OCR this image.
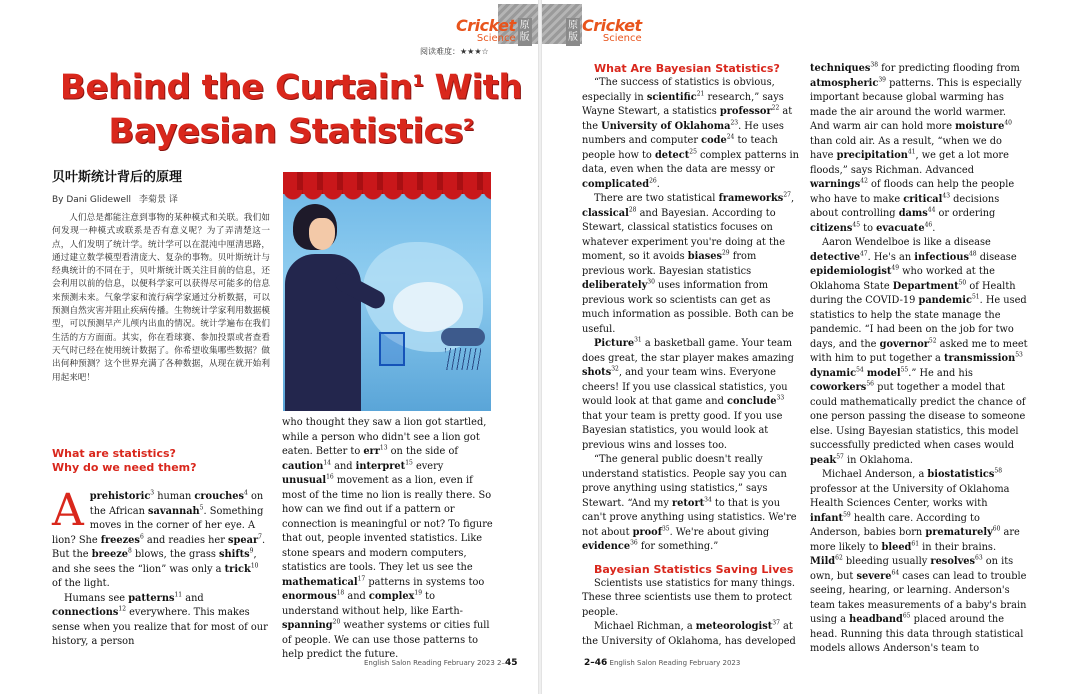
Cricket
Science
原版
阅读难度：★★★☆
Behind the Curtain$^1$ With
Bayesian Statistics$^2$
贝叶斯统计背后的原理
By Dani Glidewell 李菊景 译
人们总是都能注意到事物的某种模式和关联。我们如何发现一种模式或联系是否有意义呢？为了弄清楚这一点，人们发明了统计学。统计学可以在混沌中厘清思路，通过建立数学模型看清庞大、复杂的事物。贝叶斯统计与经典统计的不同在于，贝叶斯统计既关注目前的信息，还会利用以前的信息，以便科学家可以获得尽可能多的信息来预测未来。气象学家和流行病学家通过分析数据，可以预测自然灾害并阻止疾病传播。生物统计学家利用数据模型，可以预测早产儿颅内出血的情况。统计学遍布在我们生活的方方面面。其实，你在看球赛、参加投票或者查看天气时已经在使用统计数据了。你希望收集哪些数据？做出何种预测？这个世界充满了各种数据，从现在就开始利用起来吧！

What are statistics?

Why do we need them?

A prehistoric$^3$ human crouches$^4$ on the African savannah$^5$. Something moves in the corner of her eye. A lion? She freezes$^6$ and readies her spear$^7$. But the breeze$^8$ blows, the grass shifts$^9$, and she sees the “lion” was only a trick$^{10}$ of the light.

Humans see patterns$^{11}$ and connections$^{12}$ everywhere. This makes sense when you realize that for most of our history, a person

who thought they saw a lion got startled, while a person who didn't see a lion got eaten. Better to err$^{13}$ on the side of caution$^{14}$ and interpret$^{15}$ every unusual$^{16}$ movement as a lion, even if most of the time no lion is really there. So how can we find out if a pattern or connection is meaningful or not? To figure that out, people invented statistics. Like stone spears and modern computers, statistics are tools. They let us see the mathematical$^{17}$ patterns in systems too enormous$^{18}$ and complex$^{19}$ to understand without help, like Earth-spanning$^{20}$ weather systems or cities full of people. We can use those patterns to help predict the future.

English Salon Reading February 2023 2–45
原版
Cricket
Science
2–46 English Salon Reading February 2023

What Are Bayesian Statistics?

“The success of statistics is obvious, especially in scientific$^{21}$ research,” says Wayne Stewart, a statistics professor$^{22}$ at the University of Oklahoma$^{23}$. He uses numbers and computer code$^{24}$ to teach people how to detect$^{25}$ complex patterns in data, even when the data are messy or complicated$^{26}$.

There are two statistical frameworks$^{27}$, classical$^{28}$ and Bayesian. According to Stewart, classical statistics focuses on whatever experiment you're doing at the moment, so it avoids biases$^{29}$ from previous work. Bayesian statistics deliberately$^{30}$ uses information from previous work so scientists can get as much information as possible. Both can be useful.

Picture$^{31}$ a basketball game. Your team does great, the star player makes amazing shots$^{32}$, and your team wins. Everyone cheers! If you use classical statistics, you would look at that game and conclude$^{33}$ that your team is pretty good. If you use Bayesian statistics, you would look at previous wins and losses too.

“The general public doesn't really understand statistics. People say you can prove anything using statistics,” says Stewart. “And my retort$^{34}$ to that is you can't prove anything using statistics. We're not about proof$^{35}$. We're about giving evidence$^{36}$ for something.”

Bayesian Statistics Saving Lives

Scientists use statistics for many things. These three scientists use them to protect people.

Michael Richman, a meteorologist$^{37}$ at the University of Oklahoma, has developed

techniques$^{38}$ for predicting flooding from atmospheric$^{39}$ patterns. This is especially important because global warming has made the air around the world warmer. And warm air can hold more moisture$^{40}$ than cold air. As a result, “when we do have precipitation$^{41}$, we get a lot more floods,” says Richman. Advanced warnings$^{42}$ of floods can help the people who have to make critical$^{43}$ decisions about controlling dams$^{44}$ or ordering citizens$^{45}$ to evacuate$^{46}$.

Aaron Wendelboe is like a disease detective$^{47}$. He's an infectious$^{48}$ disease epidemiologist$^{49}$ who worked at the Oklahoma State Department$^{50}$ of Health during the COVID-19 pandemic$^{51}$. He used statistics to help the state manage the pandemic. “I had been on the job for two days, and the governor$^{52}$ asked me to meet with him to put together a transmission$^{53}$ dynamic$^{54}$ model$^{55}$.” He and his coworkers$^{56}$ put together a model that could mathematically predict the chance of one person passing the disease to someone else. Using Bayesian statistics, this model successfully predicted when cases would peak$^{57}$ in Oklahoma.

Michael Anderson, a biostatistics$^{58}$ professor at the University of Oklahoma Health Sciences Center, works with infant$^{59}$ health care. According to Anderson, babies born prematurely$^{60}$ are more likely to bleed$^{61}$ in their brains. Mild$^{62}$ bleeding usually resolves$^{63}$ on its own, but severe$^{64}$ cases can lead to trouble seeing, hearing, or learning. Anderson's team takes measurements of a baby's brain using a headband$^{65}$ placed around the head. Running this data through statistical models allows Anderson's team to
